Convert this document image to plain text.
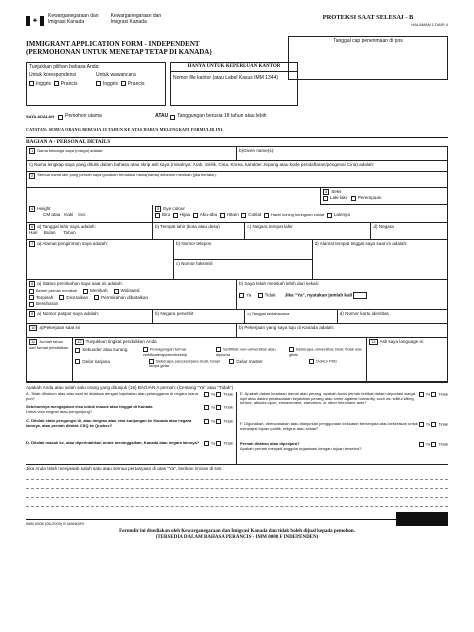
♣
Kewarganegaraan dan
Imigrasi Kanada
Kewarganegaraan dan
Imigrasi Kanada
PROTEKSI SAAT SELESAI - B
HALAMAN 1 DARI 4
IMMIGRANT APPLICATION FORM - INDEPENDENT
(PERMOHONAN UNTUK MENETAP TETAP DI KANADA)
Tanggal cap penerimaan di pos
Tunjukkan pilihan bahasa Anda:
Untuk korespondensi
Inggris Prancis
Untuk wawancara
Inggris Prancis
HANYA UNTUK KEPERLUAN KANTOR
Nomor file kantor (atau Label Kasus IMM 1344)
SAYA ADALAH Pemohon utama	ATAU Tanggungan berusia 18 tahun atau lebih
CATATAN: SEMUA ORANG BERUSIA 18 TAHUN KE ATAS HARUS MELENGKAPI FORMULIR INI.
BAGIAN A - PERSONAL DETAILS
1 Nama keluarga saya (marga) adalah:	b)Given name(s):
c) Nama lengkap saya yang ditulis dalam bahasa atau skrip asli saya (misalnya: Arab, Sirilik, Cina, Korea, karakter Jepang atau kode pendaftaran/pengenal Cina) adalah:
2 Semua nama lain yang pernah saya gunakan termasuk nama(nama) sebelum menikah (jika berlaku):
3 Seks
Laki-laki Perempuan
4 Height
CM atau Kaki Inci
5 Eye colour
Biru Hijau Abu-abu Hitam Coklat Hazel kuning keunguan coklat Lainnya
6 a) Tanggal lahir saya adalah:
Hari Bulan Tahun
b) Tempat lahir (kota atau desa)	c) Negara tempat lahir	d) Negara
7 a) Alamat pengiriman saya adalah:	b) Nomor telepon
c) Nomor faksimili
d) Alamat tempat tinggal saya saat ini adalah:
8 a) Status pernikahan saya saat ini adalah:
Belum pernah menikah	Menikah	Widowed
Terpisah	Diceraikan	Perrnikahan dibatalkan
Bersiharan
b) Saya telah menikah lebih dari sekali:
Ya	Tidak Jika "Ya", nyatakan jumlah kali
9 a) Nomor paspor saya adalah:	b) Negara penerbit	c) Tanggal kedaluwarsa	d) Nomor kartu identitas
10 a)Pekerjaan saat ini	b) Pekerjaan yang saya tuju di Kanada adalah:
11 Jumlah tahun dari formal pendidikan
12 Tunjukkan tingkat pendidikan Anda
Sekunder atau kurang	Pemagangan formal certificate/apprenticeship
Sertifikat non-universitas atau diploma
Beberapa universitas studi, tidak ada gelar
Gelar sarjana	Beberapa pascasarjana studi, tetapi tanpa gelar
Gelar master	Doktor PhD
14 Asli saya language is:
Apakah Anda atau salah satu orang yang ditunjuk (16) BAGIAN A pernah: (Centang "Ya" atau "Tidak")
A. Telah dihukum atas atau saat ini didakwa dengan kejahatan atau pelanggaran di negara mana pun?
Ya Tidak
Sebelumnya mengajukan visa untuk masuk atau tinggal di Kanada
Untuk visa imigran atau pengunjung?
Ya Tidak
C. Ditolak statu pengungsi di, atau imigran atau visa kunjungan ke Kanada atau negara lainnya, atau pernah ditolak CSQ ke Quebec?
Ya Tidak
D. Ditolak masuk ke, atau diperintahkan untuk meninggalkan, Kanada atau negara lainnya?	Ya Tidak
E. Apakah dalam keadaan damai atau perang, apakah Anda pernah terlibat dalam deportasi warga sipil atau dalam pelaksanaan kejahatan perang atau crime against humanity, such as: willful killing, torture, attacks upon, enslavement, starvation, or other inhumane acts?
Ya Tidak
F. Digunakan, direncanakan atau dianjurkan penggunaan kekuatan bersenjata atau kekerasan untuk mencapai tujuan politik, religius atau sosial?
Ya Tidak
Pernah ditahan atau dipenjara?
Apakah pernah menjadi anggota organisasi dengan tujuan tersebut?
Ya Tidak
Jika Anda telah menjawab salah satu atau semua pertanyaan di atas "Ya", berikan rincian di sini:
IMM 0008 (06-2000) E MANDIRI
Formulir ini disediakan oleh Kewarganegaraan dan Imigrasi Kanada dan tidak boleh dijual kepada pemohon.
(TERSEDIA DALAM BAHASA PERANCIS - IMM 0008 F INDEPENDEN)
